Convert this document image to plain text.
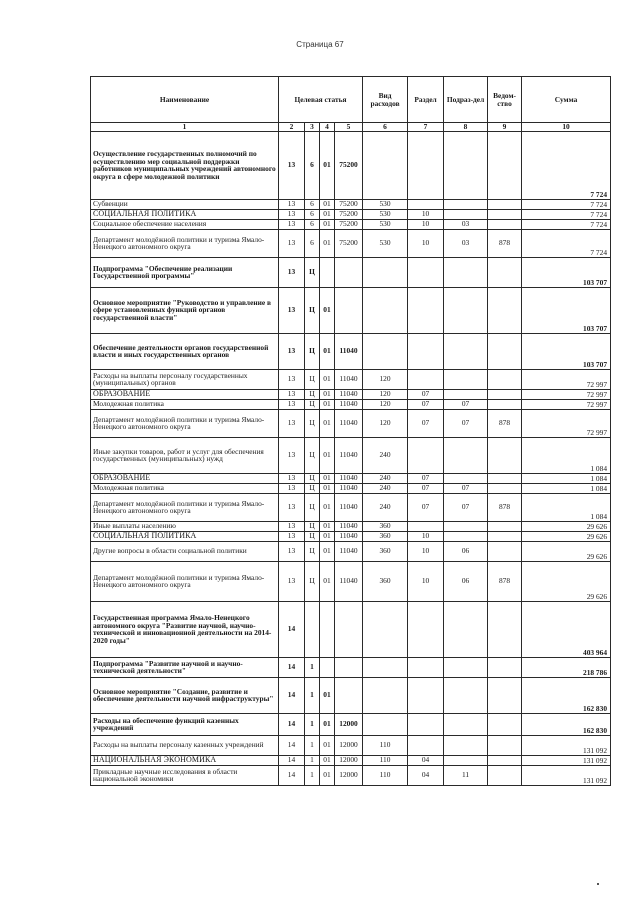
Страница 67
Наименование	Целевая статья				Вид расходов	Раздел	Подраз-дел	Ведом-ство	Сумма
1	2	3	4	5	6	7	8	9	10
Осуществление государственных полномочий по осуществлению мер социальной поддержки работников муниципальных учреждений автономного округа в сфере молодежной политики	13	6	01	75200					7 724
Субвенции	13	6	01	75200	530				7 724
СОЦИАЛЬНАЯ ПОЛИТИКА	13	6	01	75200	530	10			7 724
Социальное обеспечение населения	13	6	01	75200	530	10	03		7 724
Департамент молодёжной политики и туризма Ямало-Ненецкого автономного округа	13	6	01	75200	530	10	03	878	7 724
Подпрограмма "Обеспечение реализации Государственной программы"	13	Ц							103 707
Основное мероприятие "Руководство и управление в сфере установленных функций органов государственной власти"	13	Ц	01						103 707
Обеспечение деятельности органов государственной власти и иных государственных органов	13	Ц	01	11040					103 707
Расходы на выплаты персоналу государственных (муниципальных) органов	13	Ц	01	11040	120				72 997
ОБРАЗОВАНИЕ	13	Ц	01	11040	120	07			72 997
Молодежная политика	13	Ц	01	11040	120	07	07		72 997
Департамент молодёжной политики и туризма Ямало-Ненецкого автономного округа	13	Ц	01	11040	120	07	07	878	72 997
Иные закупки товаров, работ и услуг для обеспечения государственных (муниципальных) нужд	13	Ц	01	11040	240				1 084
ОБРАЗОВАНИЕ	13	Ц	01	11040	240	07			1 084
Молодежная политика	13	Ц	01	11040	240	07	07		1 084
Департамент молодёжной политики и туризма Ямало-Ненецкого автономного округа	13	Ц	01	11040	240	07	07	878	1 084
Иные выплаты населению	13	Ц	01	11040	360				29 626
СОЦИАЛЬНАЯ ПОЛИТИКА	13	Ц	01	11040	360	10			29 626
Другие вопросы в области социальной политики	13	Ц	01	11040	360	10	06		29 626
Департамент молодёжной политики и туризма Ямало-Ненецкого автономного округа	13	Ц	01	11040	360	10	06	878	29 626
Государственная программа Ямало-Ненецкого автономного округа "Развитие научной, научно-технической и инновационной деятельности на 2014-2020 годы"	14								403 964
Подпрограмма "Развитие научной и научно-технической деятельности"	14	1							218 786
Основное мероприятие "Создание, развитие и обеспечение деятельности научной инфраструктуры"	14	1	01						162 830
Расходы на обеспечение функций казенных учреждений	14	1	01	12000					162 830
Расходы на выплаты персоналу казенных учреждений	14	1	01	12000	110				131 092
НАЦИОНАЛЬНАЯ ЭКОНОМИКА	14	1	01	12000	110	04			131 092
Прикладные научные исследования в области национальной экономики	14	1	01	12000	110	04	11		131 092
